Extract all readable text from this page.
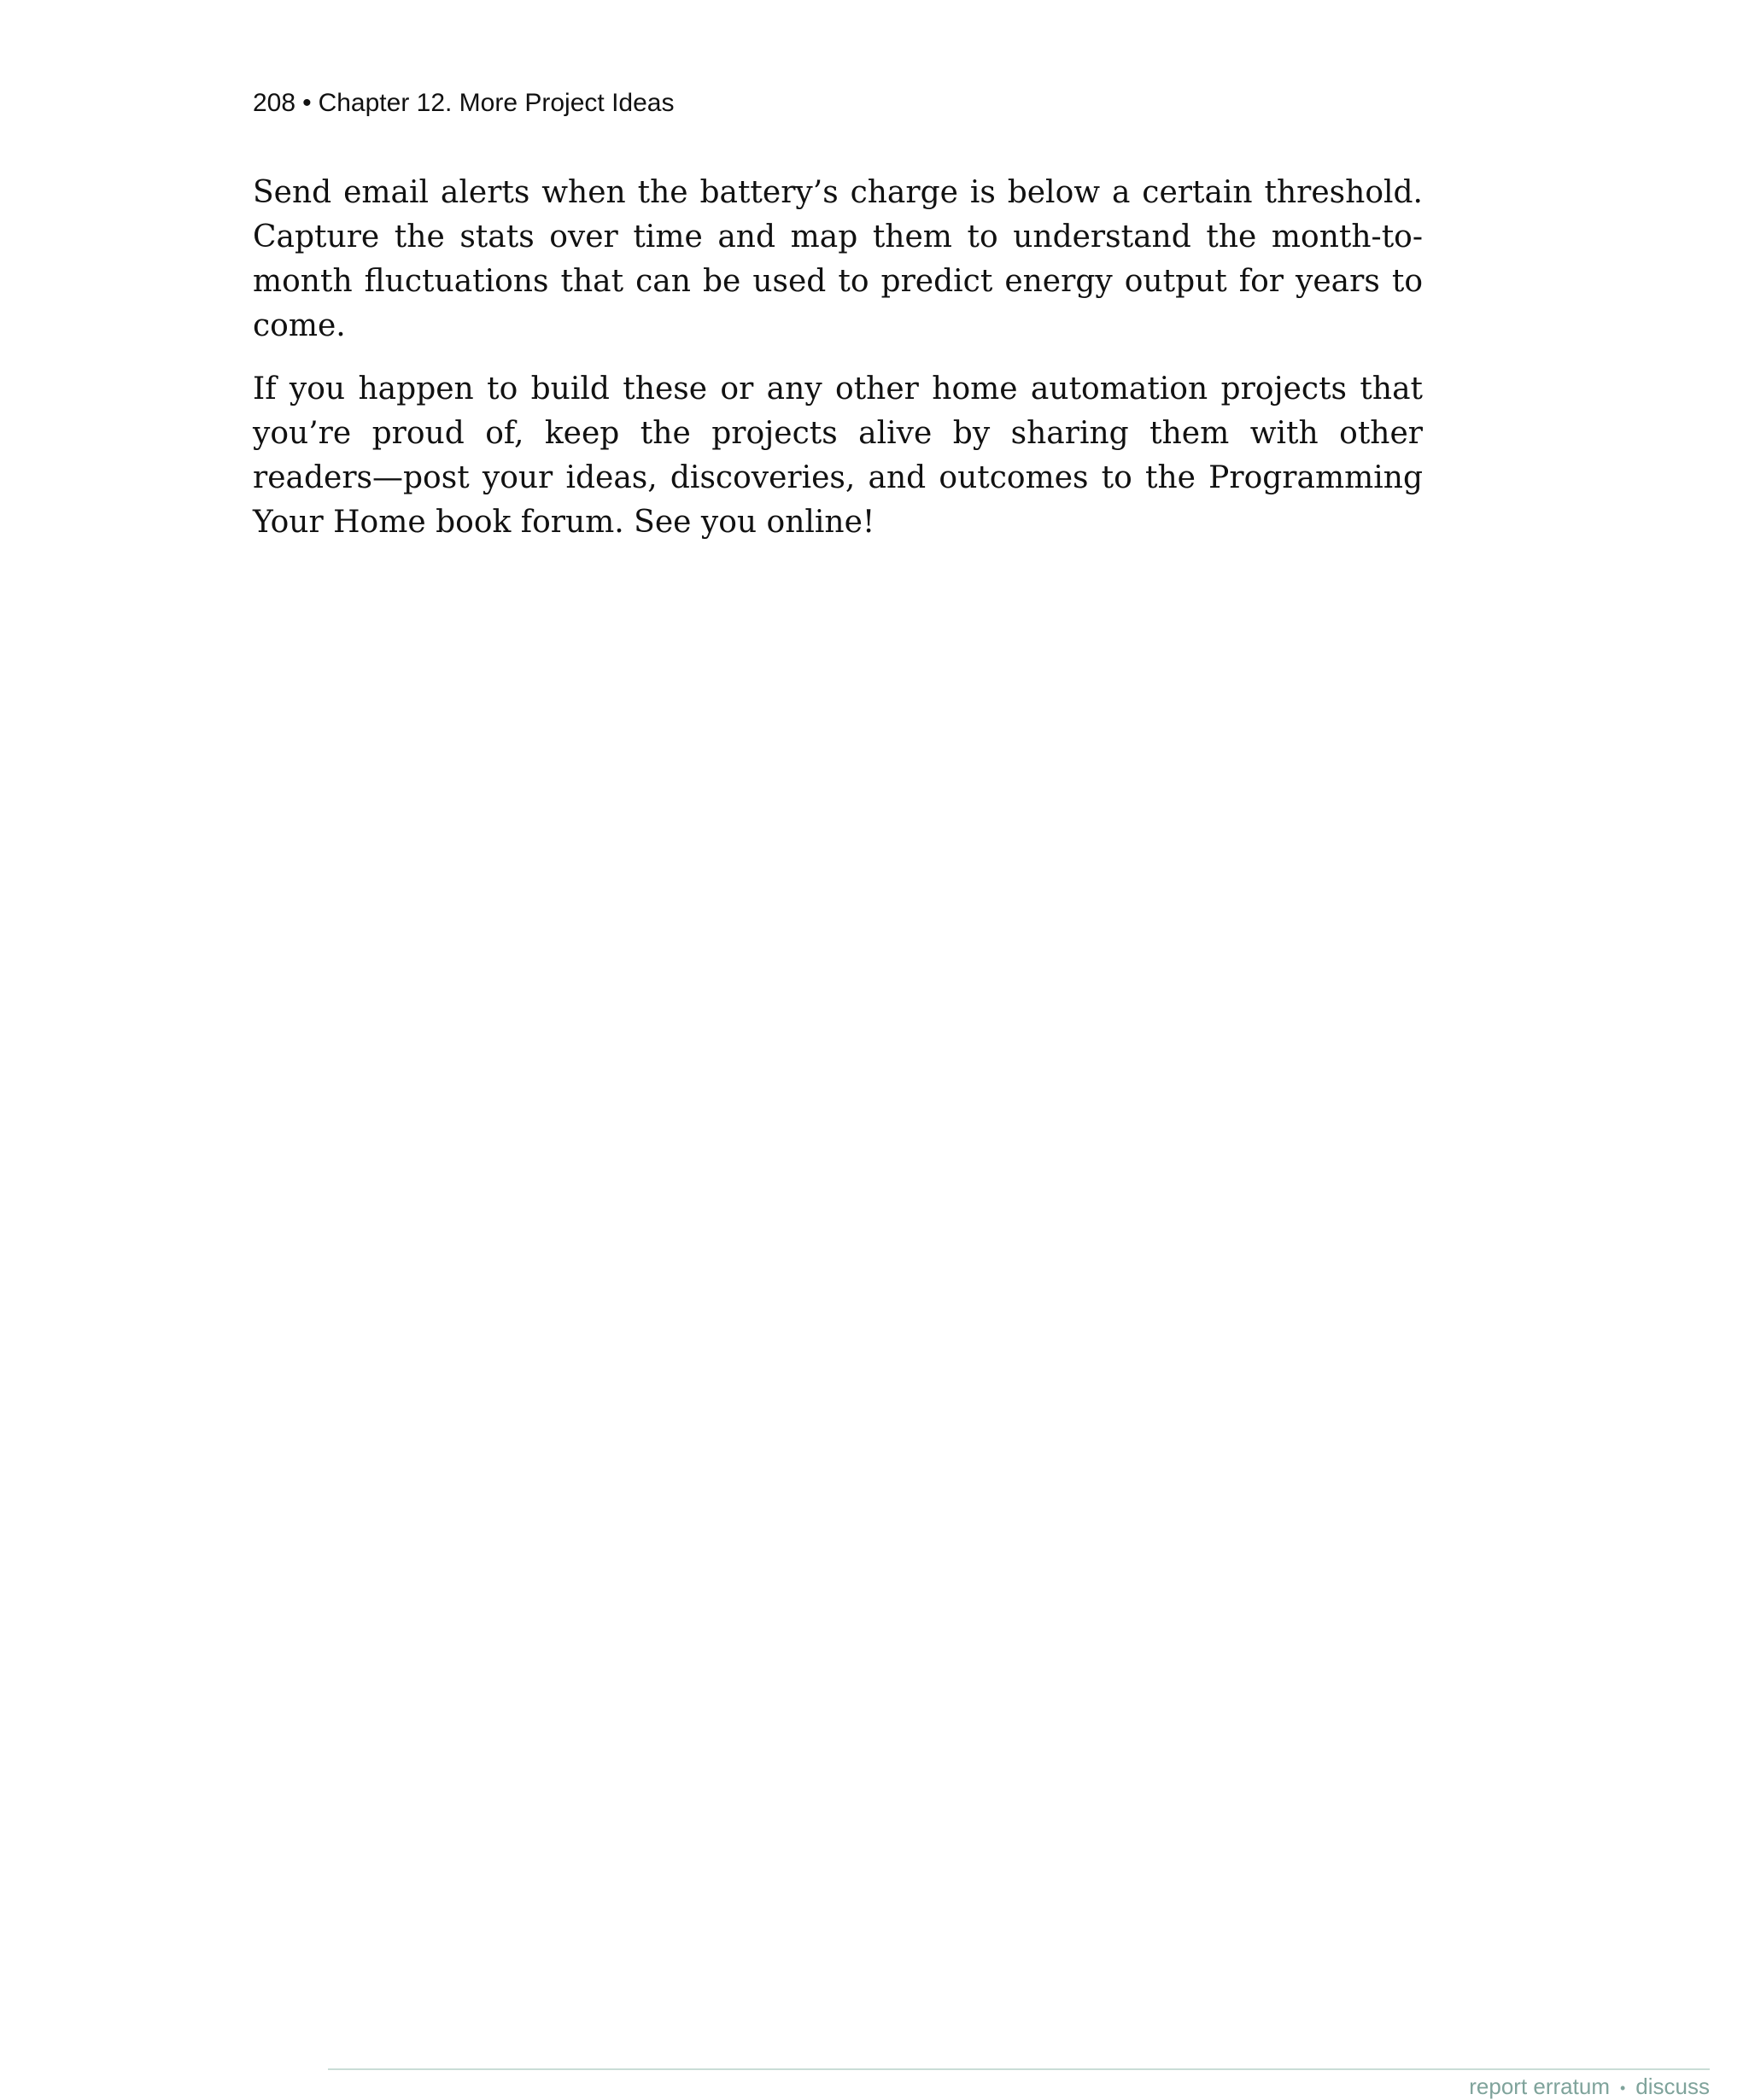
208 • Chapter 12. More Project Ideas

Send email alerts when the battery’s charge is below a certain threshold. Capture the stats over time and map them to understand the month-to-month fluctuations that can be used to predict energy output for years to come.

If you happen to build these or any other home automation projects that you’re proud of, keep the projects alive by sharing them with other readers—post your ideas, discoveries, and outcomes to the Programming Your Home book forum. See you online!

report erratum • discuss
